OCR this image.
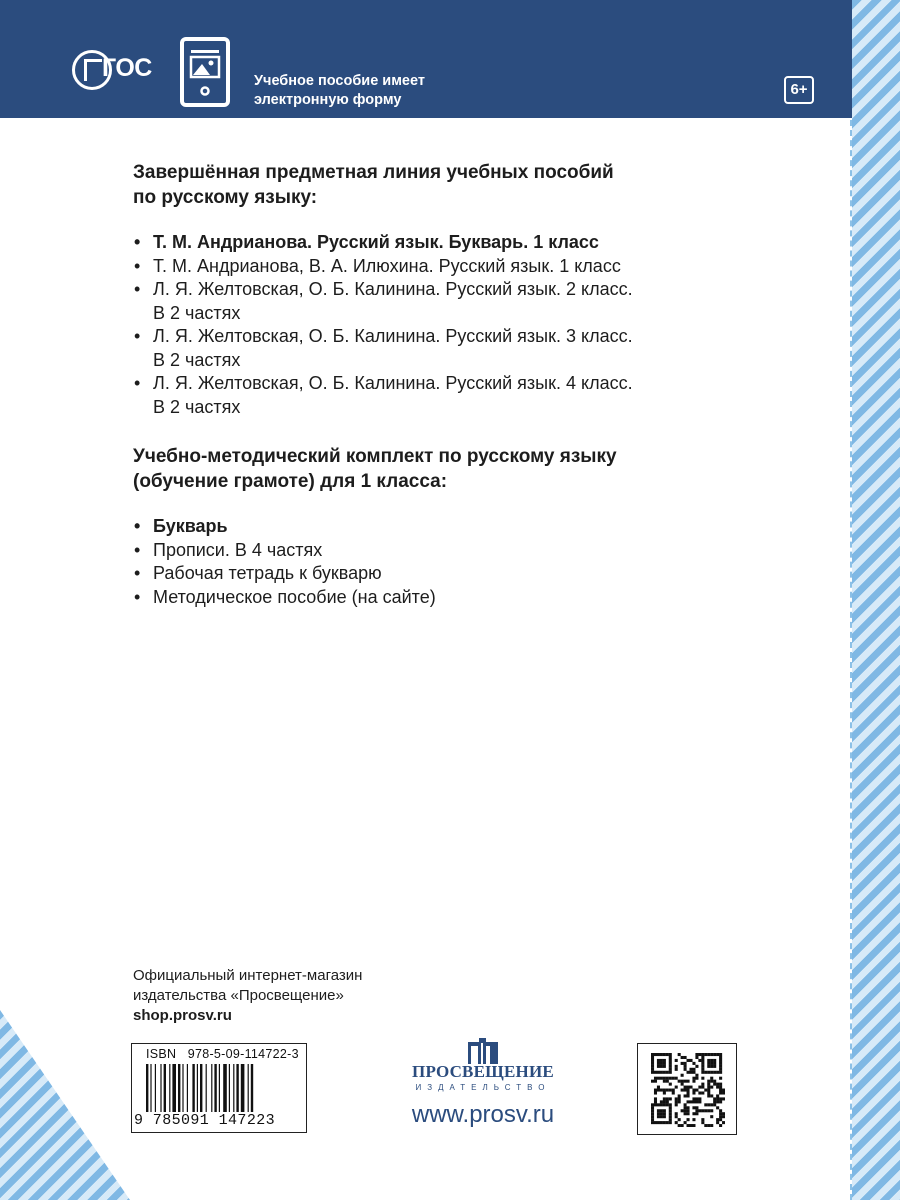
ГОС	Учебное пособие имеет
электронную форму
6+
Завершённая предметная линия учебных пособий
по русскому языку:
• Т. М. Андрианова. Русский язык. Букварь. 1 класс
• Т. М. Андрианова, В. А. Илюхина. Русский язык. 1 класс
• Л. Я. Желтовская, О. Б. Калинина. Русский язык. 2 класс.
В 2 частях
• Л. Я. Желтовская, О. Б. Калинина. Русский язык. 3 класс.
В 2 частях
• Л. Я. Желтовская, О. Б. Калинина. Русский язык. 4 класс.
В 2 частях
Учебно-методический комплект по русскому языку
(обучение грамоте) для 1 класса:
• Букварь
• Прописи. В 4 частях
• Рабочая тетрадь к букварю
• Методическое пособие (на сайте)
Официальный интернет-магазин
издательства «Просвещение»
shop.prosv.ru
ISBN 978-5-09-114722-3
9 785091 147223
ПРОСВЕЩЕНИЕ
ИЗДАТЕЛЬСТВО
www.prosv.ru
